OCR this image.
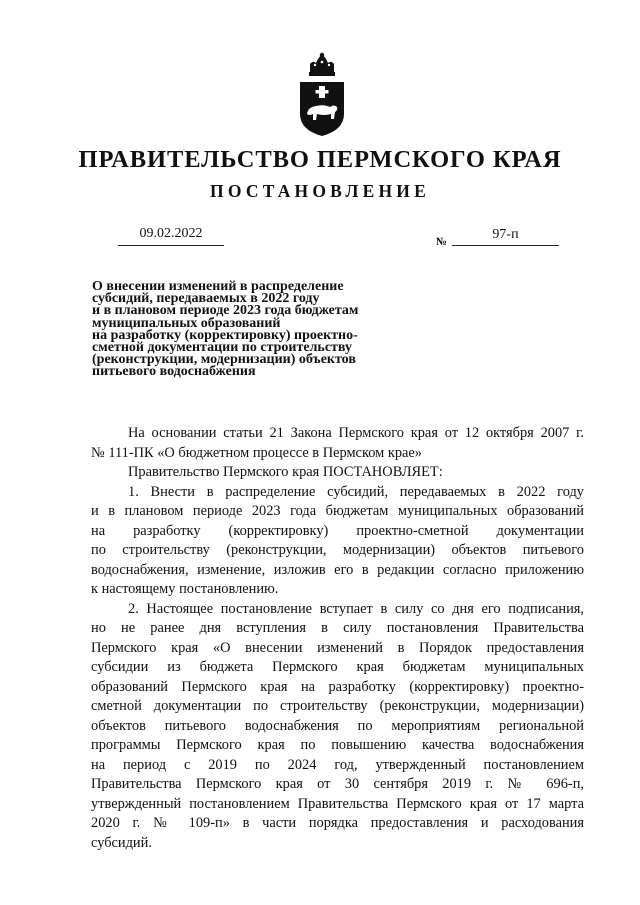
ПРАВИТЕЛЬСТВО ПЕРМСКОГО КРАЯ
ПОСТАНОВЛЕНИЕ
09.02.2022
№	97-п

О внесении изменений в распределение
субсидий, передаваемых в 2022 году
и в плановом периоде 2023 года бюджетам
муниципальных образований
на разработку (корректировку) проектно-
сметной документации по строительству
(реконструкции, модернизации) объектов
питьевого водоснабжения

На основании статьи 21 Закона Пермского края от 12 октября 2007 г.
№ 111-ПК «О бюджетном процессе в Пермском крае»
Правительство Пермского края ПОСТАНОВЛЯЕТ:
1. Внести в распределение субсидий, передаваемых в 2022 году
и в плановом периоде 2023 года бюджетам муниципальных образований
на разработку (корректировку) проектно-сметной документации
по строительству (реконструкции, модернизации) объектов питьевого
водоснабжения, изменение, изложив его в редакции согласно приложению
к настоящему постановлению.
2. Настоящее постановление вступает в силу со дня его подписания,
но не ранее дня вступления в силу постановления Правительства
Пермского края «О внесении изменений в Порядок предоставления
субсидии из бюджета Пермского края бюджетам муниципальных
образований Пермского края на разработку (корректировку) проектно-
сметной документации по строительству (реконструкции, модернизации)
объектов питьевого водоснабжения по мероприятиям региональной
программы Пермского края по повышению качества водоснабжения
на период с 2019 по 2024 год, утвержденный постановлением
Правительства Пермского края от 30 сентября 2019 г. № 696-п,
утвержденный постановлением Правительства Пермского края от 17 марта
2020 г. № 109-п» в части порядка предоставления и расходования
субсидий.
